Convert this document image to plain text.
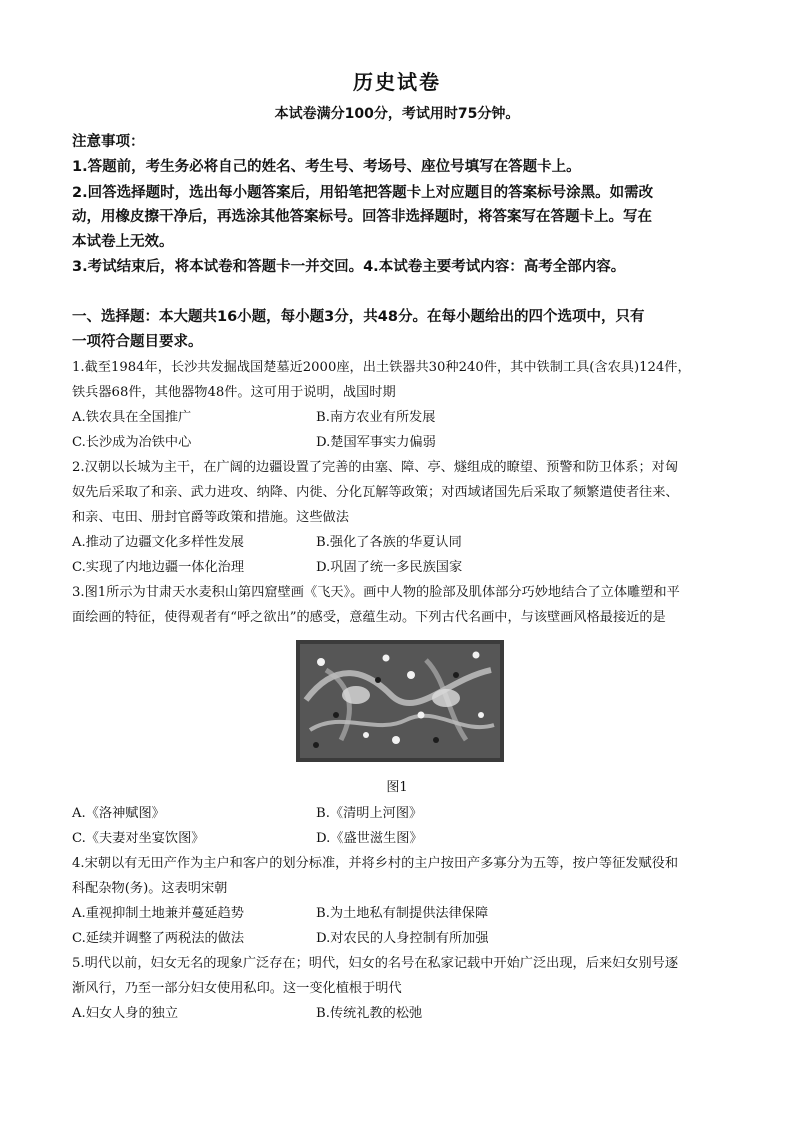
历史试卷
本试卷满分100分，考试用时75分钟。
注意事项：
1.答题前，考生务必将自己的姓名、考生号、考场号、座位号填写在答题卡上。
2.回答选择题时，选出每小题答案后，用铅笔把答题卡上对应题目的答案标号涂黑。如需改
动，用橡皮擦干净后，再选涂其他答案标号。回答非选择题时，将答案写在答题卡上。写在
本试卷上无效。
3.考试结束后，将本试卷和答题卡一并交回。4.本试卷主要考试内容：高考全部内容。
一、选择题：本大题共16小题，每小题3分，共48分。在每小题给出的四个选项中，只有
一项符合题目要求。
1.截至1984年，长沙共发掘战国楚墓近2000座，出土铁器共30种240件，其中铁制工具(含农具)124件，
铁兵器68件，其他器物48件。这可用于说明，战国时期
A.铁农具在全国推广	B.南方农业有所发展
C.长沙成为冶铁中心	D.楚国军事实力偏弱
2.汉朝以长城为主干，在广阔的边疆设置了完善的由塞、障、亭、燧组成的瞭望、预警和防卫体系；对匈
奴先后采取了和亲、武力进攻、纳降、内徙、分化瓦解等政策；对西域诸国先后采取了频繁遣使者往来、
和亲、屯田、册封官爵等政策和措施。这些做法
A.推动了边疆文化多样性发展	B.强化了各族的华夏认同
C.实现了内地边疆一体化治理	D.巩固了统一多民族国家
3.图1所示为甘肃天水麦积山第四窟壁画《飞天》。画中人物的脸部及肌体部分巧妙地结合了立体雕塑和平
面绘画的特征，使得观者有“呼之欲出”的感受，意蕴生动。下列古代名画中，与该壁画风格最接近的是
图1
A.《洛神赋图》	B.《清明上河图》
C.《夫妻对坐宴饮图》	D.《盛世滋生图》
4.宋朝以有无田产作为主户和客户的划分标准，并将乡村的主户按田产多寡分为五等，按户等征发赋役和
科配杂物(务)。这表明宋朝
A.重视抑制土地兼并蔓延趋势	B.为土地私有制提供法律保障
C.延续并调整了两税法的做法	D.对农民的人身控制有所加强
5.明代以前，妇女无名的现象广泛存在；明代，妇女的名号在私家记载中开始广泛出现，后来妇女别号逐
渐风行，乃至一部分妇女使用私印。这一变化植根于明代
A.妇女人身的独立	B.传统礼教的松弛
